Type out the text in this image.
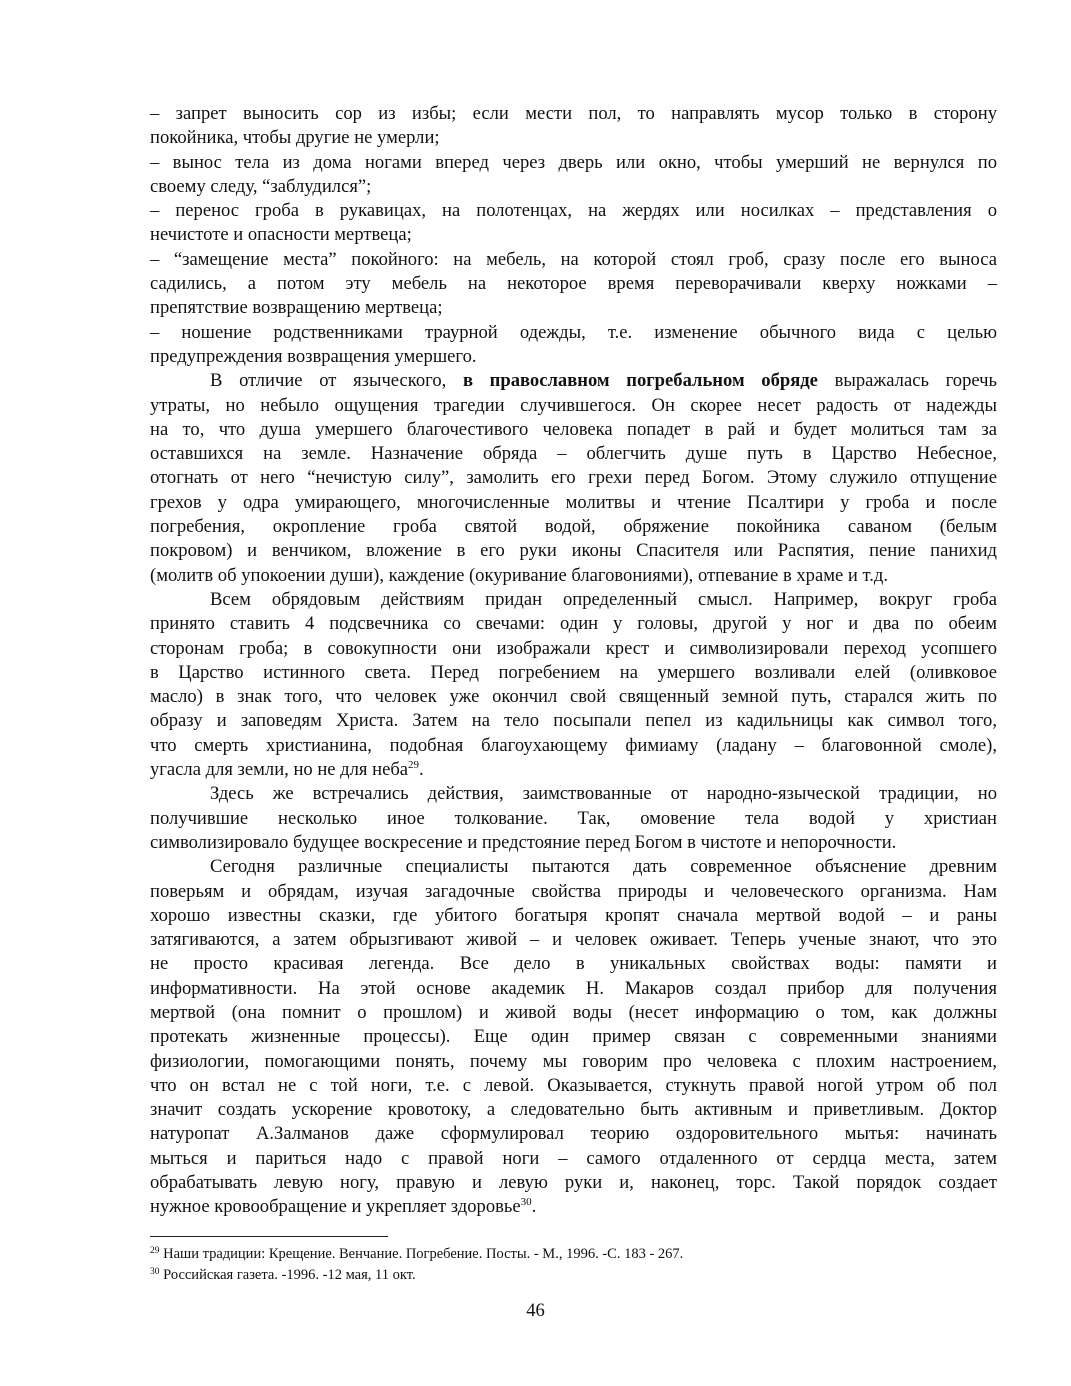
– запрет выносить сор из избы; если мести пол, то направлять мусор только в сторону
покойника, чтобы другие не умерли;
– вынос тела из дома ногами вперед через дверь или окно, чтобы умерший не вернулся по
своему следу, “заблудился”;
– перенос гроба в рукавицах, на полотенцах, на жердях или носилках – представления о
нечистоте и опасности мертвеца;
– “замещение места” покойного: на мебель, на которой стоял гроб, сразу после его выноса
садились, а потом эту мебель на некоторое время переворачивали кверху ножками –
препятствие возвращению мертвеца;
– ношение родственниками траурной одежды, т.е. изменение обычного вида с целью
предупреждения возвращения умершего.
В отличие от языческого, в православном погребальном обряде выражалась горечь
утраты, но небыло ощущения трагедии случившегося. Он скорее несет радость от надежды
на то, что душа умершего благочестивого человека попадет в рай и будет молиться там за
оставшихся на земле. Назначение обряда – облегчить душе путь в Царство Небесное,
отогнать от него “нечистую силу”, замолить его грехи перед Богом. Этому служило отпущение
грехов у одра умирающего, многочисленные молитвы и чтение Псалтири у гроба и после
погребения, окропление гроба святой водой, обряжение покойника саваном (белым
покровом) и венчиком, вложение в его руки иконы Спасителя или Распятия, пение панихид
(молитв об упокоении души), каждение (окуривание благовониями), отпевание в храме и т.д.
Всем обрядовым действиям придан определенный смысл. Например, вокруг гроба
принято ставить 4 подсвечника со свечами: один у головы, другой у ног и два по обеим
сторонам гроба; в совокупности они изображали крест и символизировали переход усопшего
в Царство истинного света. Перед погребением на умершего возливали елей (оливковое
масло) в знак того, что человек уже окончил свой священный земной путь, старался жить по
образу и заповедям Христа. Затем на тело посыпали пепел из кадильницы как символ того,
что смерть христианина, подобная благоухающему фимиаму (ладану – благовонной смоле),
угасла для земли, но не для неба$^{29}$.
Здесь же встречались действия, заимствованные от народно-языческой традиции, но
получившие несколько иное толкование. Так, омовение тела водой у христиан
символизировало будущее воскресение и предстояние перед Богом в чистоте и непорочности.
Сегодня различные специалисты пытаются дать современное объяснение древним
поверьям и обрядам, изучая загадочные свойства природы и человеческого организма. Нам
хорошо известны сказки, где убитого богатыря кропят сначала мертвой водой – и раны
затягиваются, а затем обрызгивают живой – и человек оживает. Теперь ученые знают, что это
не просто красивая легенда. Все дело в уникальных свойствах воды: памяти и
информативности. На этой основе академик Н. Макаров создал прибор для получения
мертвой (она помнит о прошлом) и живой воды (несет информацию о том, как должны
протекать жизненные процессы). Еще один пример связан с современными знаниями
физиологии, помогающими понять, почему мы говорим про человека с плохим настроением,
что он встал не с той ноги, т.е. с левой. Оказывается, стукнуть правой ногой утром об пол
значит создать ускорение кровотоку, а следовательно быть активным и приветливым. Доктор
натуропат А.Залманов даже сформулировал теорию оздоровительного мытья: начинать
мыться и париться надо с правой ноги – самого отдаленного от сердца места, затем
обрабатывать левую ногу, правую и левую руки и, наконец, торс. Такой порядок создает
нужное кровообращение и укрепляет здоровье$^{30}$.
$^{29}$ Наши традиции: Крещение. Венчание. Погребение. Посты. - М., 1996. -С. 183 - 267.
$^{30}$ Российская газета. -1996. -12 мая, 11 окт.
46
